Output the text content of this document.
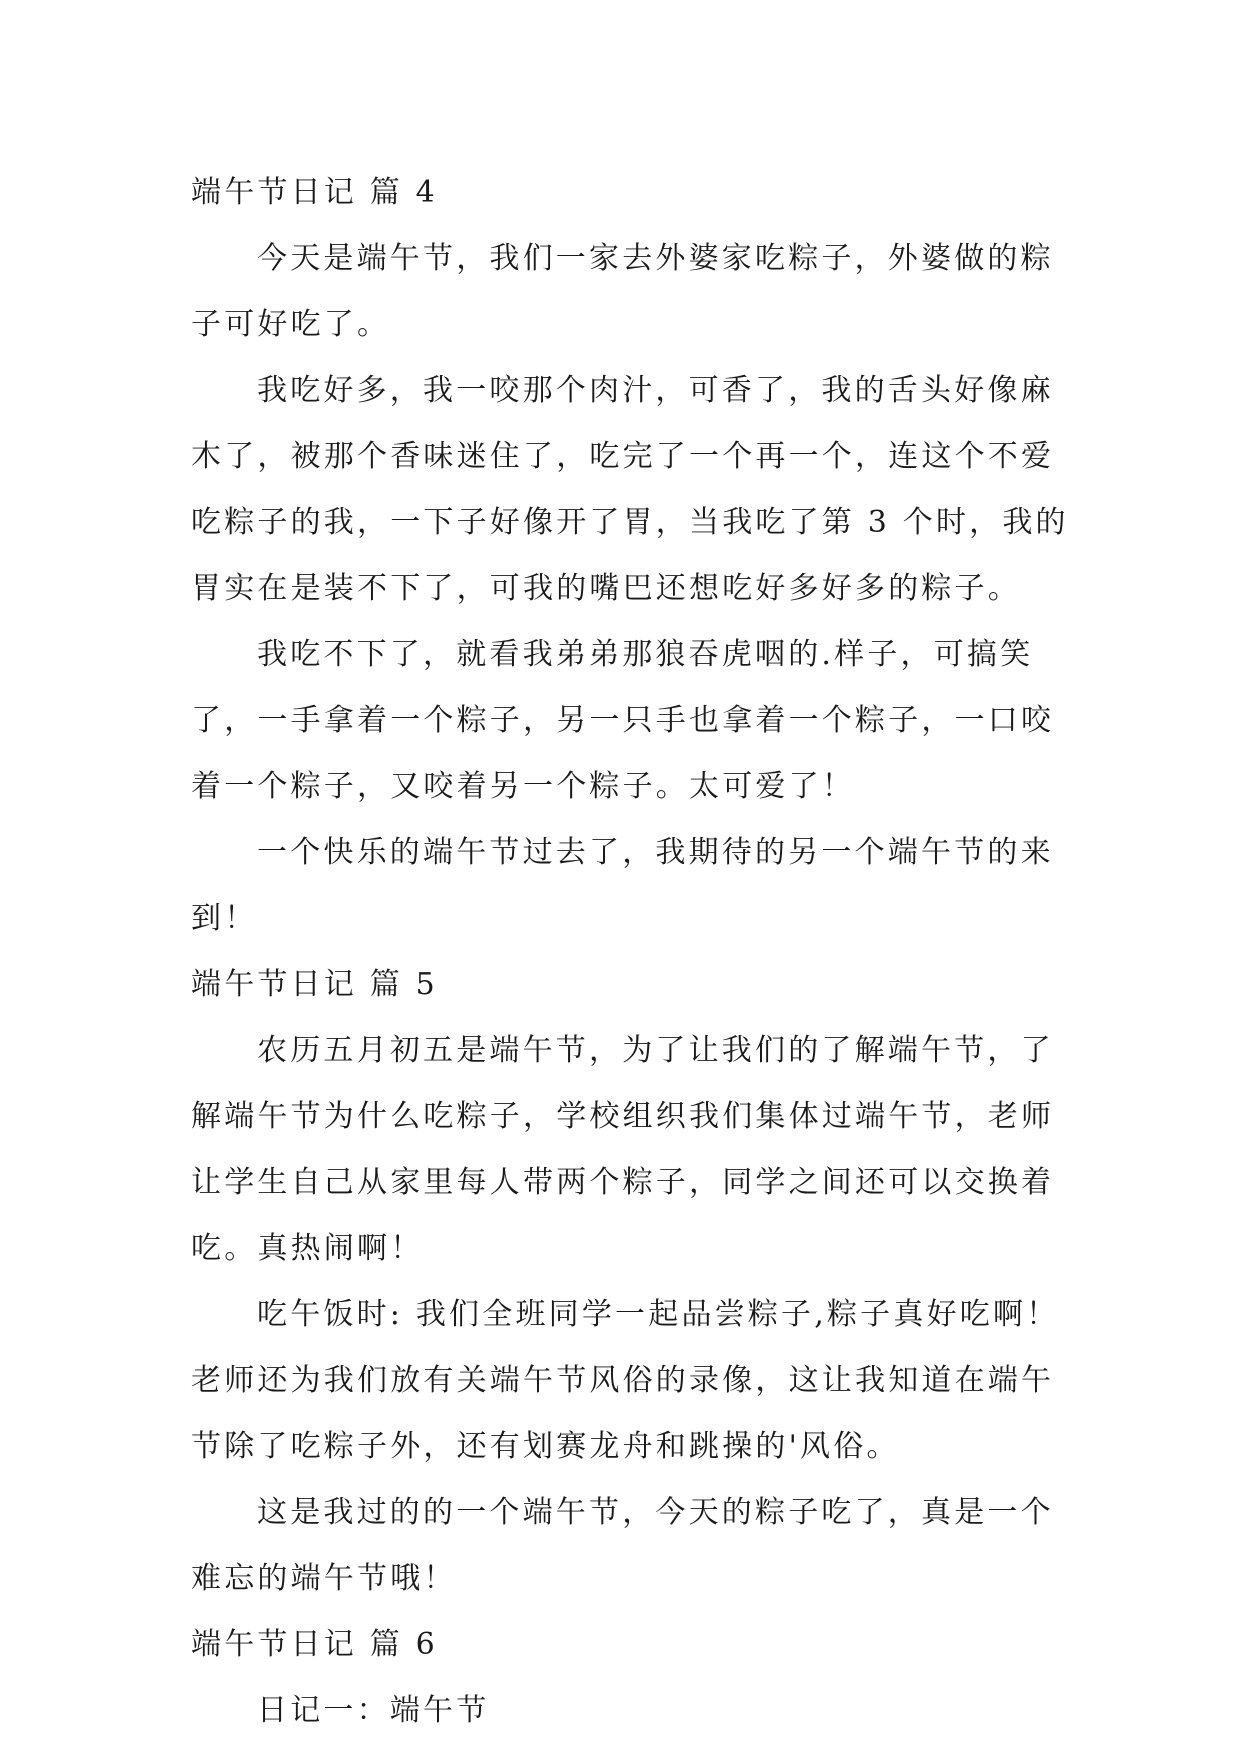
端午节日记 篇 4
今天是端午节，我们一家去外婆家吃粽子，外婆做的粽
子可好吃了。
我吃好多，我一咬那个肉汁，可香了，我的舌头好像麻
木了，被那个香味迷住了，吃完了一个再一个，连这个不爱
吃粽子的我，一下子好像开了胃，当我吃了第 3 个时，我的
胃实在是装不下了，可我的嘴巴还想吃好多好多的粽子。
我吃不下了，就看我弟弟那狼吞虎咽的.样子，可搞笑
了，一手拿着一个粽子，另一只手也拿着一个粽子，一口咬
着一个粽子，又咬着另一个粽子。太可爱了！
一个快乐的端午节过去了，我期待的另一个端午节的来
到！
端午节日记 篇 5
农历五月初五是端午节，为了让我们的了解端午节，了
解端午节为什么吃粽子，学校组织我们集体过端午节，老师
让学生自己从家里每人带两个粽子，同学之间还可以交换着
吃。真热闹啊！
吃午饭时: 我们全班同学一起品尝粽子,粽子真好吃啊！
老师还为我们放有关端午节风俗的录像，这让我知道在端午
节除了吃粽子外，还有划赛龙舟和跳操的'风俗。
这是我过的的一个端午节，今天的粽子吃了，真是一个
难忘的端午节哦！
端午节日记 篇 6
日记一：端午节
